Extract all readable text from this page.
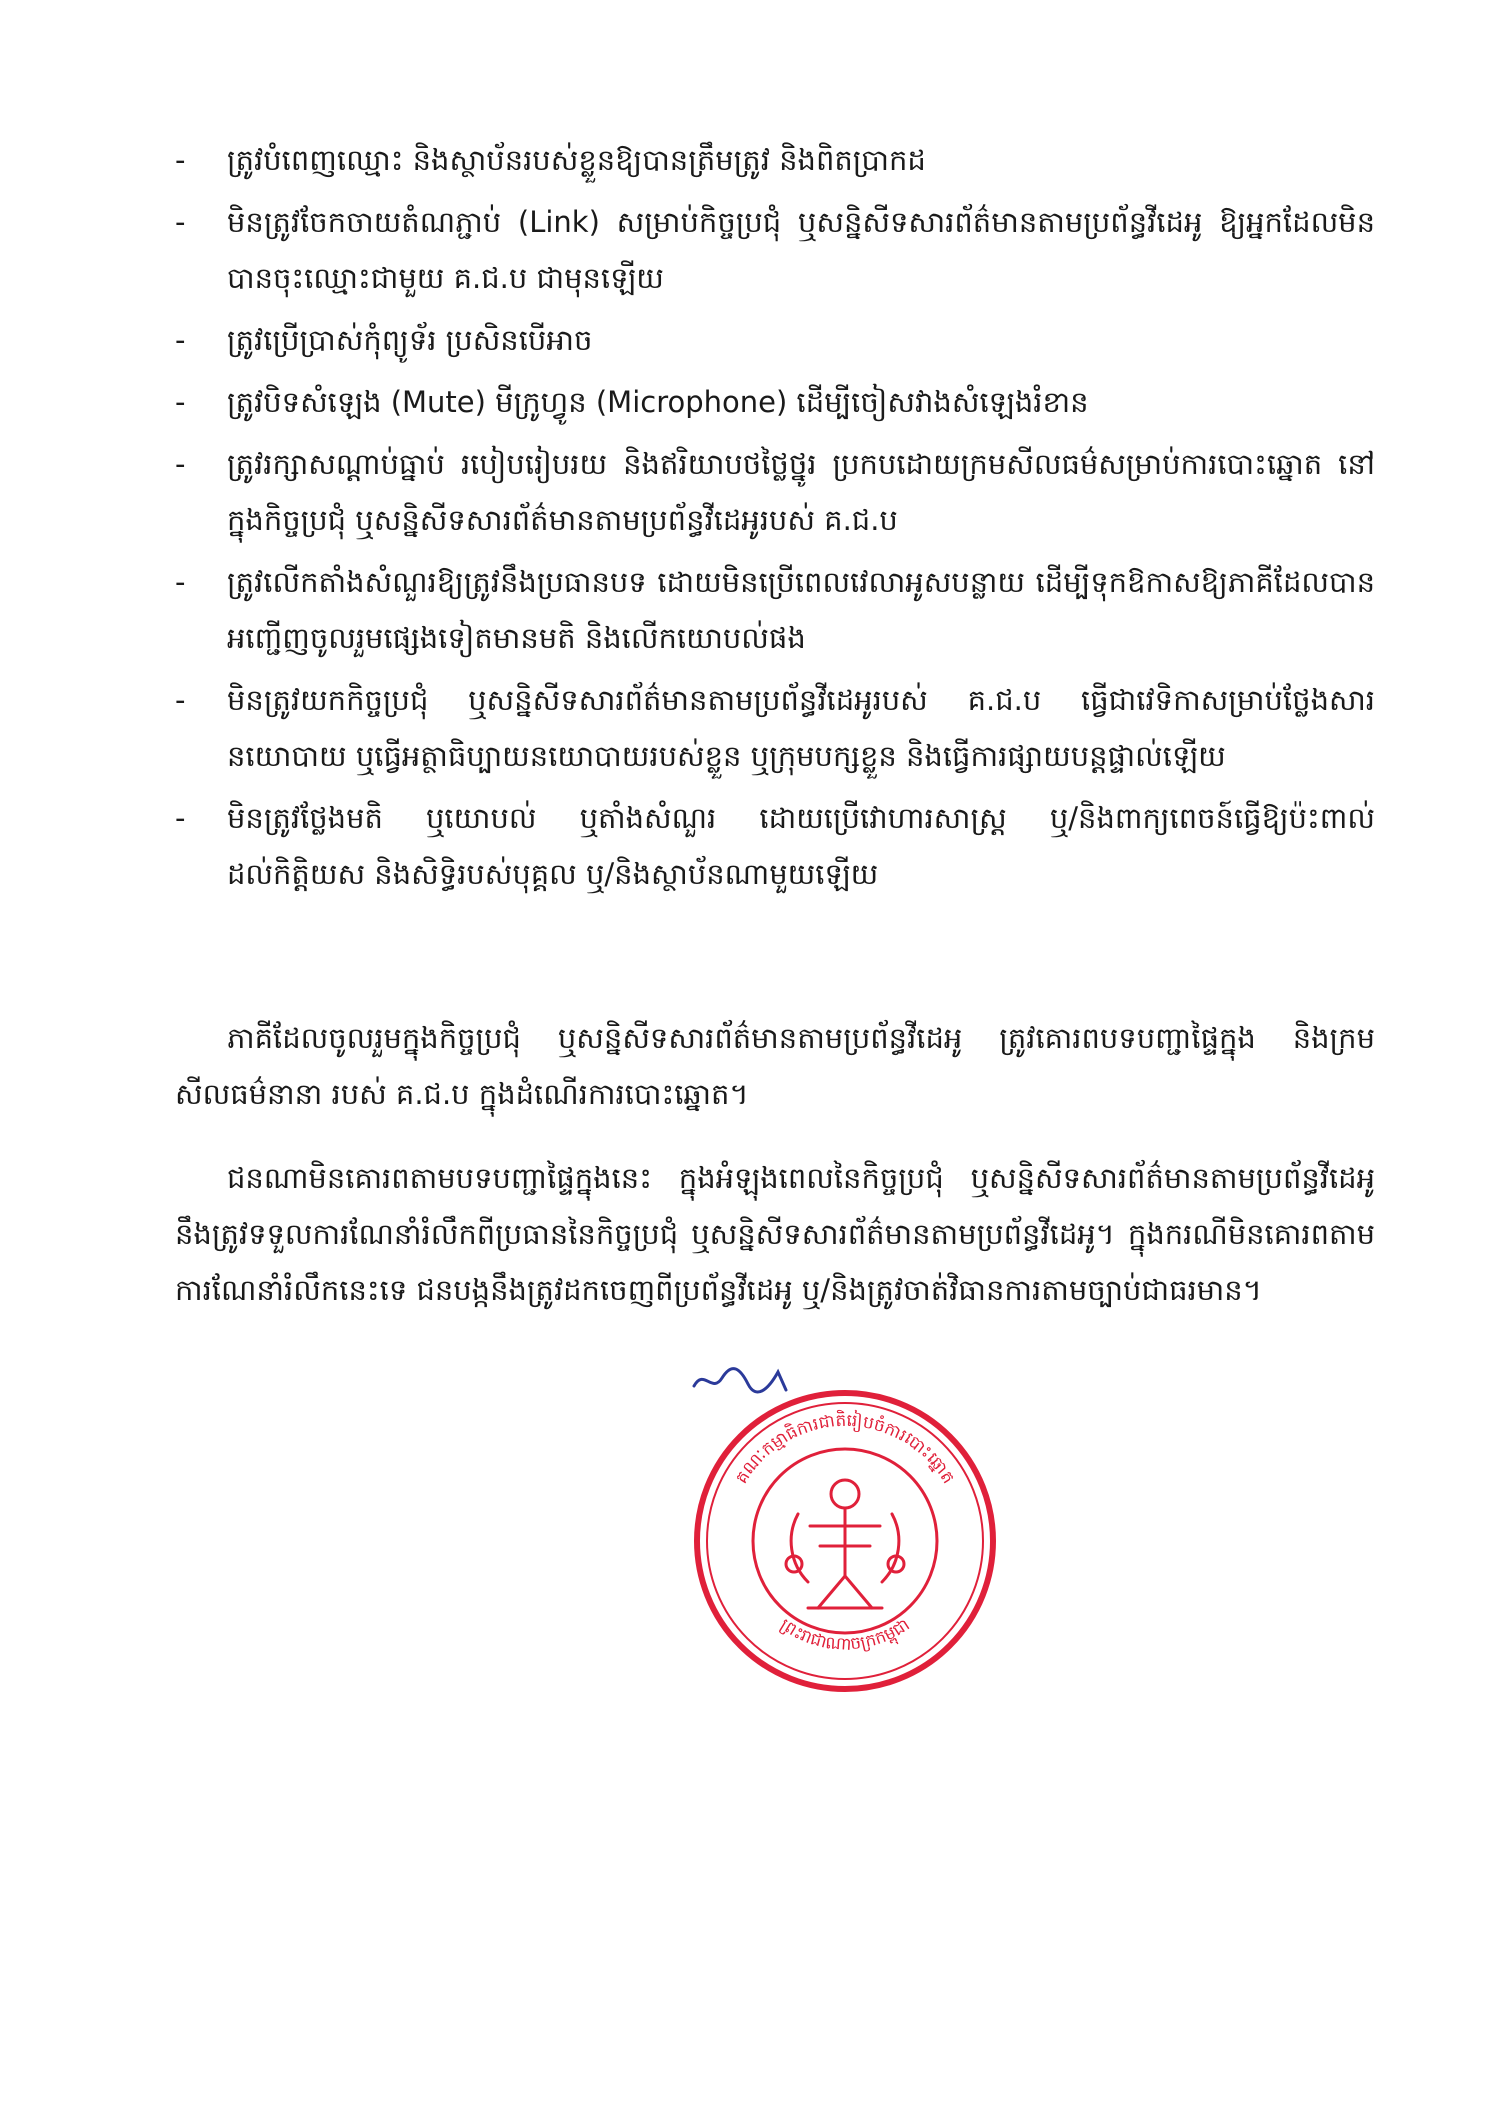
- ត្រូវបំពេញឈ្មោះ និងស្ថាប័នរបស់ខ្លួនឱ្យបានត្រឹមត្រូវ និងពិតប្រាកដ
- មិនត្រូវចែកចាយតំណភ្ជាប់ (Link) សម្រាប់កិច្ចប្រជុំ ឬសន្និសីទសារព័ត៌មានតាមប្រព័ន្ធវីដេអូ ឱ្យអ្នកដែលមិនបានចុះឈ្មោះជាមួយ គ.ជ.ប ជាមុនឡើយ
- ត្រូវប្រើប្រាស់កុំព្យូទ័រ ប្រសិនបើអាច
- ត្រូវបិទសំឡេង (Mute) មីក្រូហ្វូន (Microphone) ដើម្បីចៀសវាងសំឡេងរំខាន
- ត្រូវរក្សាសណ្តាប់ធ្នាប់ របៀបរៀបរយ និងឥរិយាបថថ្លៃថ្នូរ ប្រកបដោយក្រមសីលធម៌សម្រាប់ការបោះឆ្នោត នៅក្នុងកិច្ចប្រជុំ ឬសន្និសីទសារព័ត៌មានតាមប្រព័ន្ធវីដេអូរបស់ គ.ជ.ប
- ត្រូវលើកតាំងសំណួរឱ្យត្រូវនឹងប្រធានបទ ដោយមិនប្រើពេលវេលាអូសបន្លាយ ដើម្បីទុកឱកាសឱ្យភាគីដែលបានអញ្ជើញចូលរួមផ្សេងទៀតមានមតិ និងលើកយោបល់ផង
- មិនត្រូវយកកិច្ចប្រជុំ ឬសន្និសីទសារព័ត៌មានតាមប្រព័ន្ធវីដេអូរបស់ គ.ជ.ប ធ្វើជាវេទិកាសម្រាប់ថ្លែងសារនយោបាយ ឬធ្វើអត្ថាធិប្បាយនយោបាយរបស់ខ្លួន ឬក្រុមបក្សខ្លួន និងធ្វើការផ្សាយបន្តផ្ទាល់ឡើយ
- មិនត្រូវថ្លែងមតិ ឬយោបល់ ឬតាំងសំណួរ ដោយប្រើវោហារសាស្ត្រ ឬ/និងពាក្យពេចន៍ធ្វើឱ្យប៉ះពាល់ដល់កិត្តិយស និងសិទ្ធិរបស់បុគ្គល ឬ/និងស្ថាប័នណាមួយឡើយ

ភាគីដែលចូលរួមក្នុងកិច្ចប្រជុំ ឬសន្និសីទសារព័ត៌មានតាមប្រព័ន្ធវីដេអូ ត្រូវគោរពបទបញ្ជាផ្ទៃក្នុង និងក្រមសីលធម៌នានា របស់ គ.ជ.ប ក្នុងដំណើរការបោះឆ្នោត។

ជនណាមិនគោរពតាមបទបញ្ជាផ្ទៃក្នុងនេះ ក្នុងអំឡុងពេលនៃកិច្ចប្រជុំ ឬសន្និសីទសារព័ត៌មានតាមប្រព័ន្ធវីដេអូ នឹងត្រូវទទួលការណែនាំរំលឹកពីប្រធាននៃកិច្ចប្រជុំ ឬសន្និសីទសារព័ត៌មានតាមប្រព័ន្ធវីដេអូ។ ក្នុងករណីមិនគោរពតាមការណែនាំរំលឹកនេះទេ ជនបង្កនឹងត្រូវដកចេញពីប្រព័ន្ធវីដេអូ ឬ/និងត្រូវចាត់វិធានការតាមច្បាប់ជាធរមាន។

គណៈកម្មាធិការជាតិរៀបចំការបោះឆ្នោត
ព្រះរាជាណាចក្រកម្ពុជា
